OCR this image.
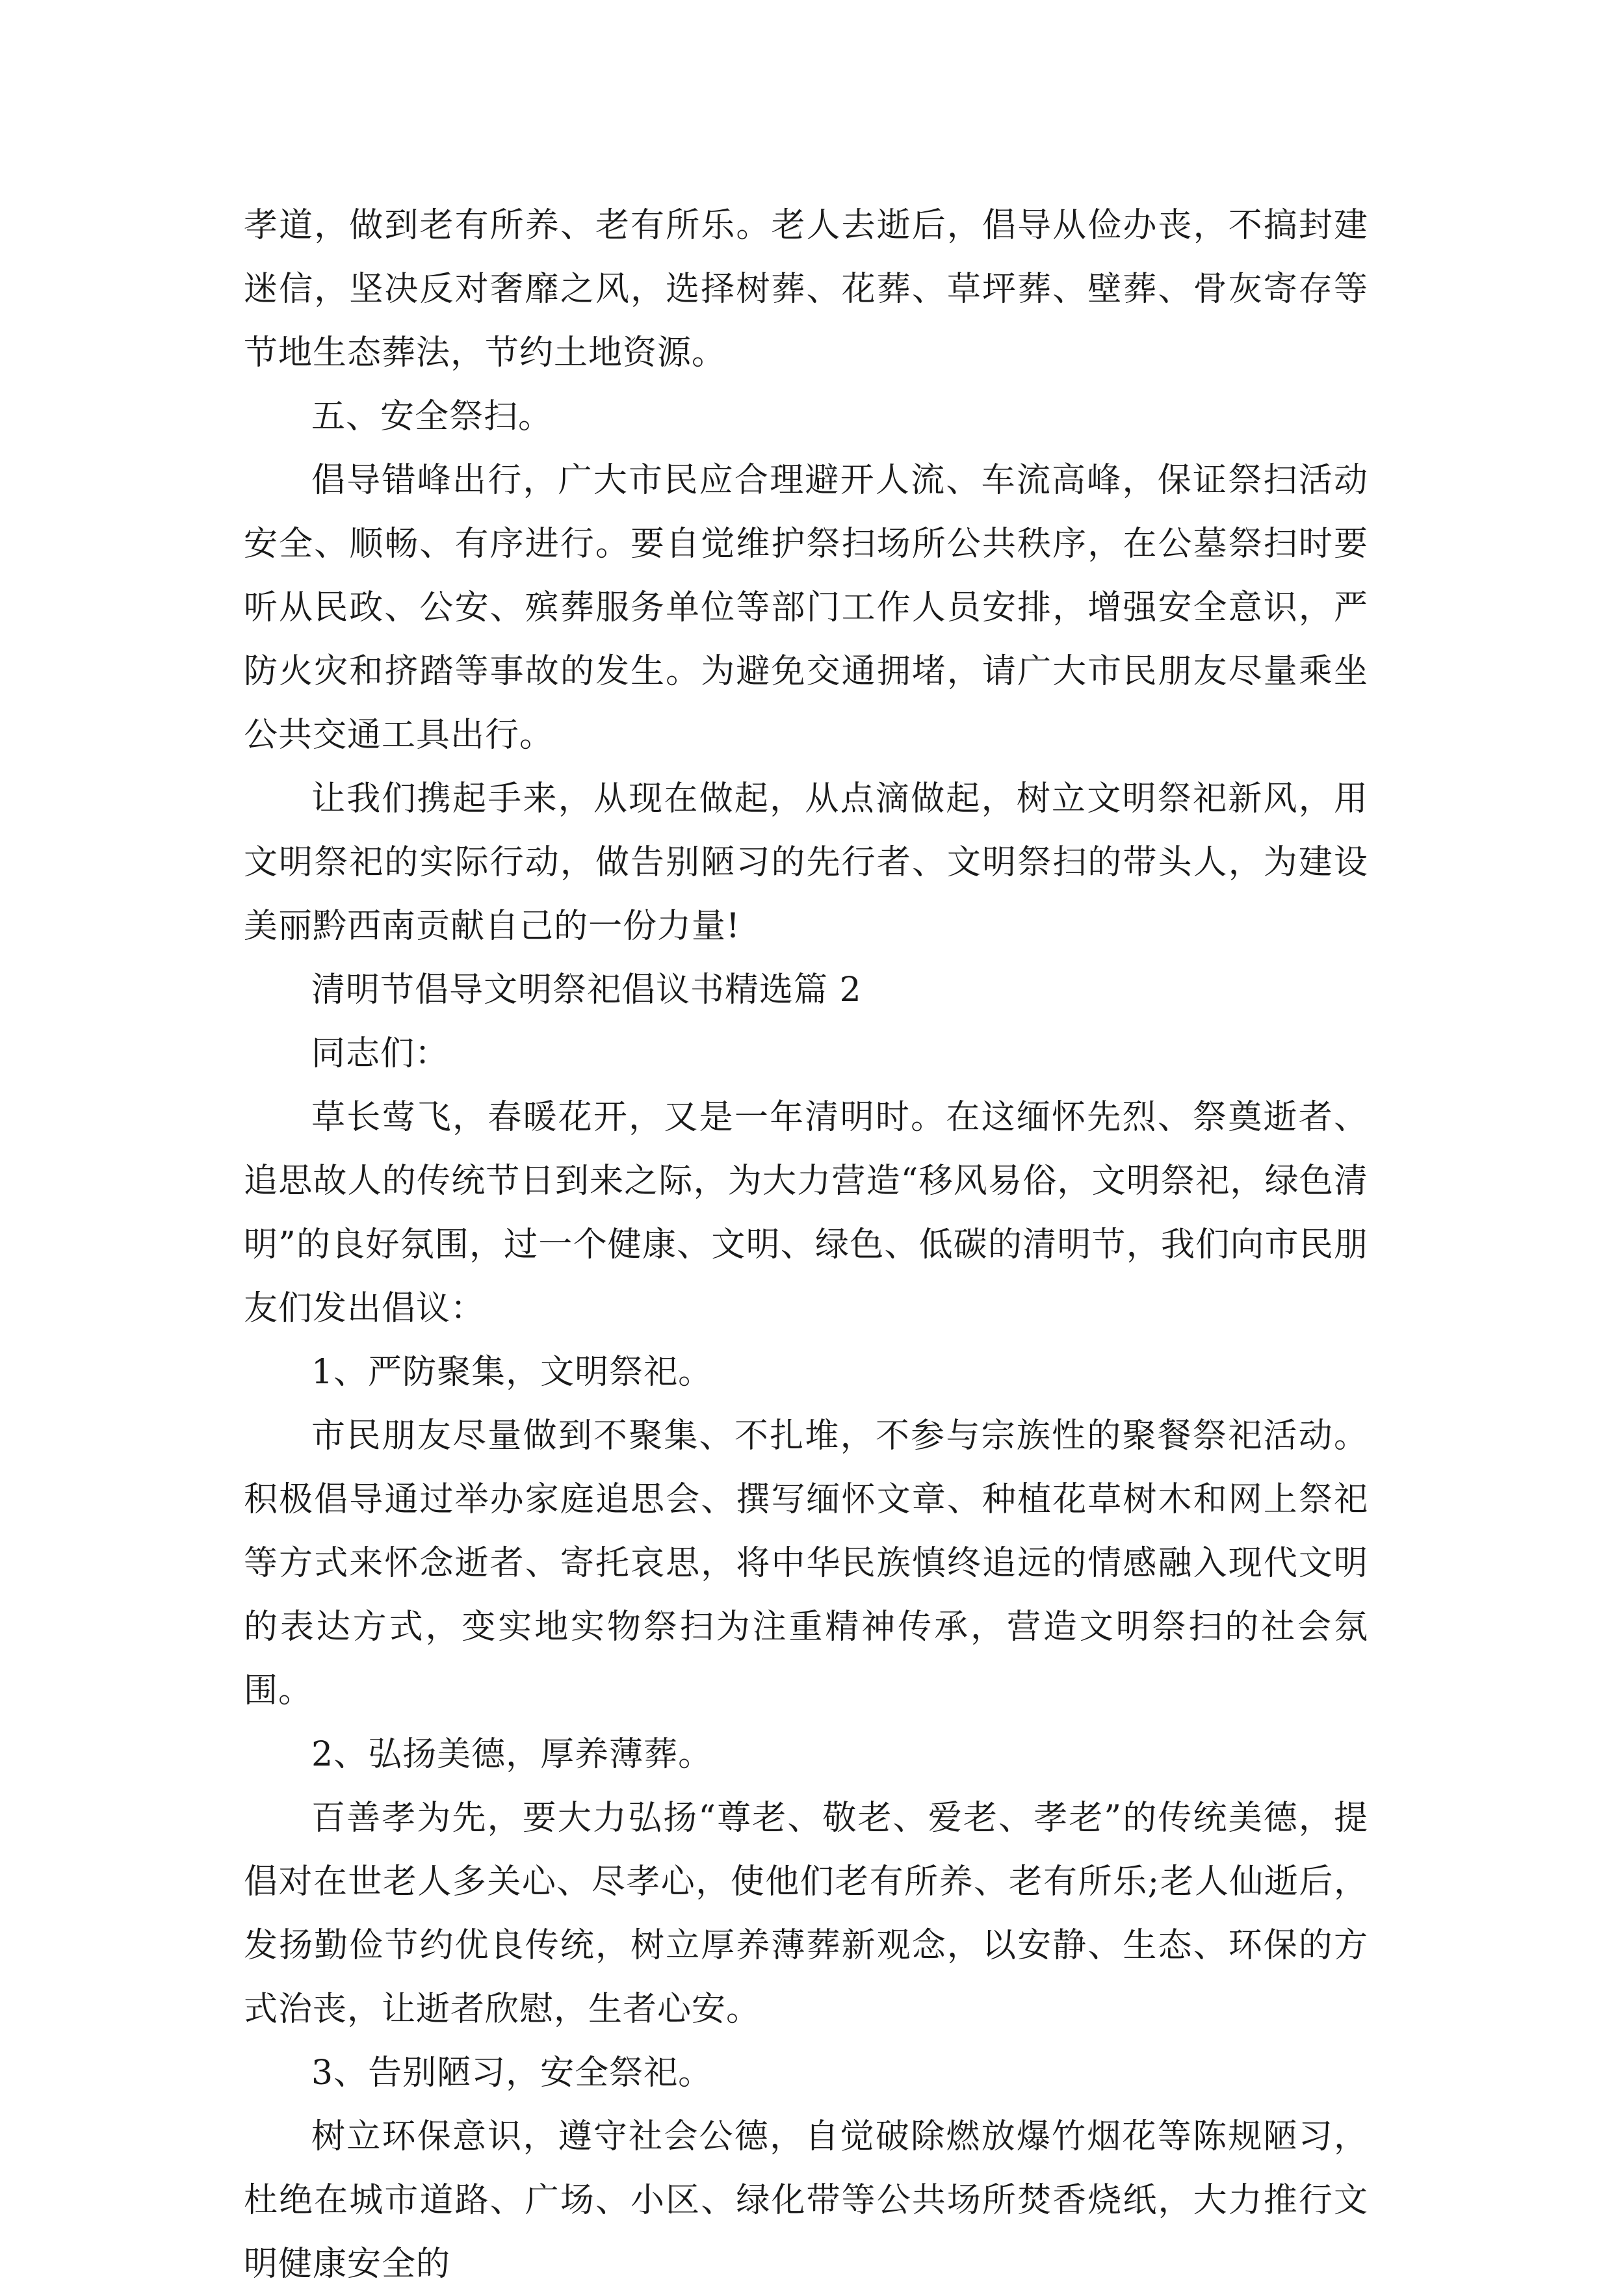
孝道，做到老有所养、老有所乐。老人去逝后，倡导从俭办丧，不搞封建迷信，坚决反对奢靡之风，选择树葬、花葬、草坪葬、壁葬、骨灰寄存等节地生态葬法，节约土地资源。

五、安全祭扫。

倡导错峰出行，广大市民应合理避开人流、车流高峰，保证祭扫活动安全、顺畅、有序进行。要自觉维护祭扫场所公共秩序，在公墓祭扫时要听从民政、公安、殡葬服务单位等部门工作人员安排，增强安全意识，严防火灾和挤踏等事故的发生。为避免交通拥堵，请广大市民朋友尽量乘坐公共交通工具出行。

让我们携起手来，从现在做起，从点滴做起，树立文明祭祀新风，用文明祭祀的实际行动，做告别陋习的先行者、文明祭扫的带头人，为建设美丽黔西南贡献自己的一份力量!

清明节倡导文明祭祀倡议书精选篇 2

同志们：

草长莺飞，春暖花开，又是一年清明时。在这缅怀先烈、祭奠逝者、追思故人的传统节日到来之际，为大力营造“移风易俗，文明祭祀，绿色清明”的良好氛围，过一个健康、文明、绿色、低碳的清明节，我们向市民朋友们发出倡议：

1、严防聚集，文明祭祀。

市民朋友尽量做到不聚集、不扎堆，不参与宗族性的聚餐祭祀活动。积极倡导通过举办家庭追思会、撰写缅怀文章、种植花草树木和网上祭祀等方式来怀念逝者、寄托哀思，将中华民族慎终追远的情感融入现代文明的表达方式，变实地实物祭扫为注重精神传承，营造文明祭扫的社会氛围。

2、弘扬美德，厚养薄葬。

百善孝为先，要大力弘扬“尊老、敬老、爱老、孝老”的传统美德，提倡对在世老人多关心、尽孝心，使他们老有所养、老有所乐;老人仙逝后，发扬勤俭节约优良传统，树立厚养薄葬新观念，以安静、生态、环保的方式治丧，让逝者欣慰，生者心安。

3、告别陋习，安全祭祀。

树立环保意识，遵守社会公德，自觉破除燃放爆竹烟花等陈规陋习，杜绝在城市道路、广场、小区、绿化带等公共场所焚香烧纸，大力推行文明健康安全的
